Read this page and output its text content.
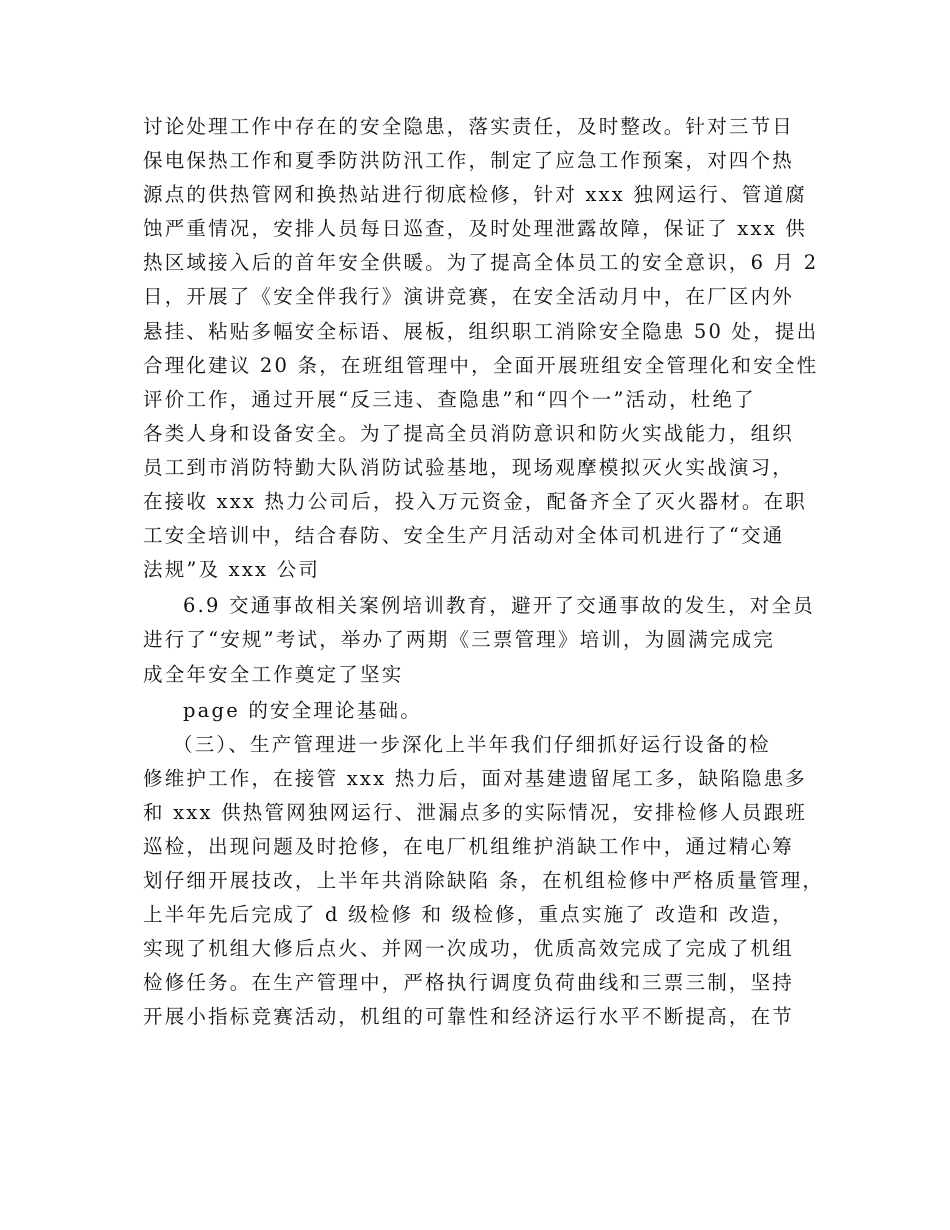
讨论处理工作中存在的安全隐患，落实责任，及时整改。针对三节日
保电保热工作和夏季防洪防汛工作，制定了应急工作预案，对四个热
源点的供热管网和换热站进行彻底检修，针对 xxx 独网运行、管道腐
蚀严重情况，安排人员每日巡查，及时处理泄露故障，保证了 xxx 供
热区域接入后的首年安全供暖。为了提高全体员工的安全意识，6 月 2
日，开展了《安全伴我行》演讲竞赛，在安全活动月中，在厂区内外
悬挂、粘贴多幅安全标语、展板，组织职工消除安全隐患 50 处，提出
合理化建议 20 条，在班组管理中，全面开展班组安全管理化和安全性
评价工作，通过开展“反三违、查隐患”和“四个一”活动，杜绝了
各类人身和设备安全。为了提高全员消防意识和防火实战能力，组织
员工到市消防特勤大队消防试验基地，现场观摩模拟灭火实战演习，
在接收 xxx 热力公司后，投入万元资金，配备齐全了灭火器材。在职
工安全培训中，结合春防、安全生产月活动对全体司机进行了“交通
法规”及 xxx 公司
6.9 交通事故相关案例培训教育，避开了交通事故的发生，对全员
进行了“安规”考试，举办了两期《三票管理》培训，为圆满完成完
成全年安全工作奠定了坚实
page 的安全理论基础。
（三）、生产管理进一步深化上半年我们仔细抓好运行设备的检
修维护工作，在接管 xxx 热力后，面对基建遗留尾工多，缺陷隐患多
和 xxx 供热管网独网运行、泄漏点多的实际情况，安排检修人员跟班
巡检，出现问题及时抢修，在电厂机组维护消缺工作中，通过精心筹
划仔细开展技改，上半年共消除缺陷 条，在机组检修中严格质量管理，
上半年先后完成了 d 级检修 和 级检修，重点实施了 改造和 改造，
实现了机组大修后点火、并网一次成功，优质高效完成了完成了机组
检修任务。在生产管理中，严格执行调度负荷曲线和三票三制，坚持
开展小指标竞赛活动，机组的可靠性和经济运行水平不断提高，在节
